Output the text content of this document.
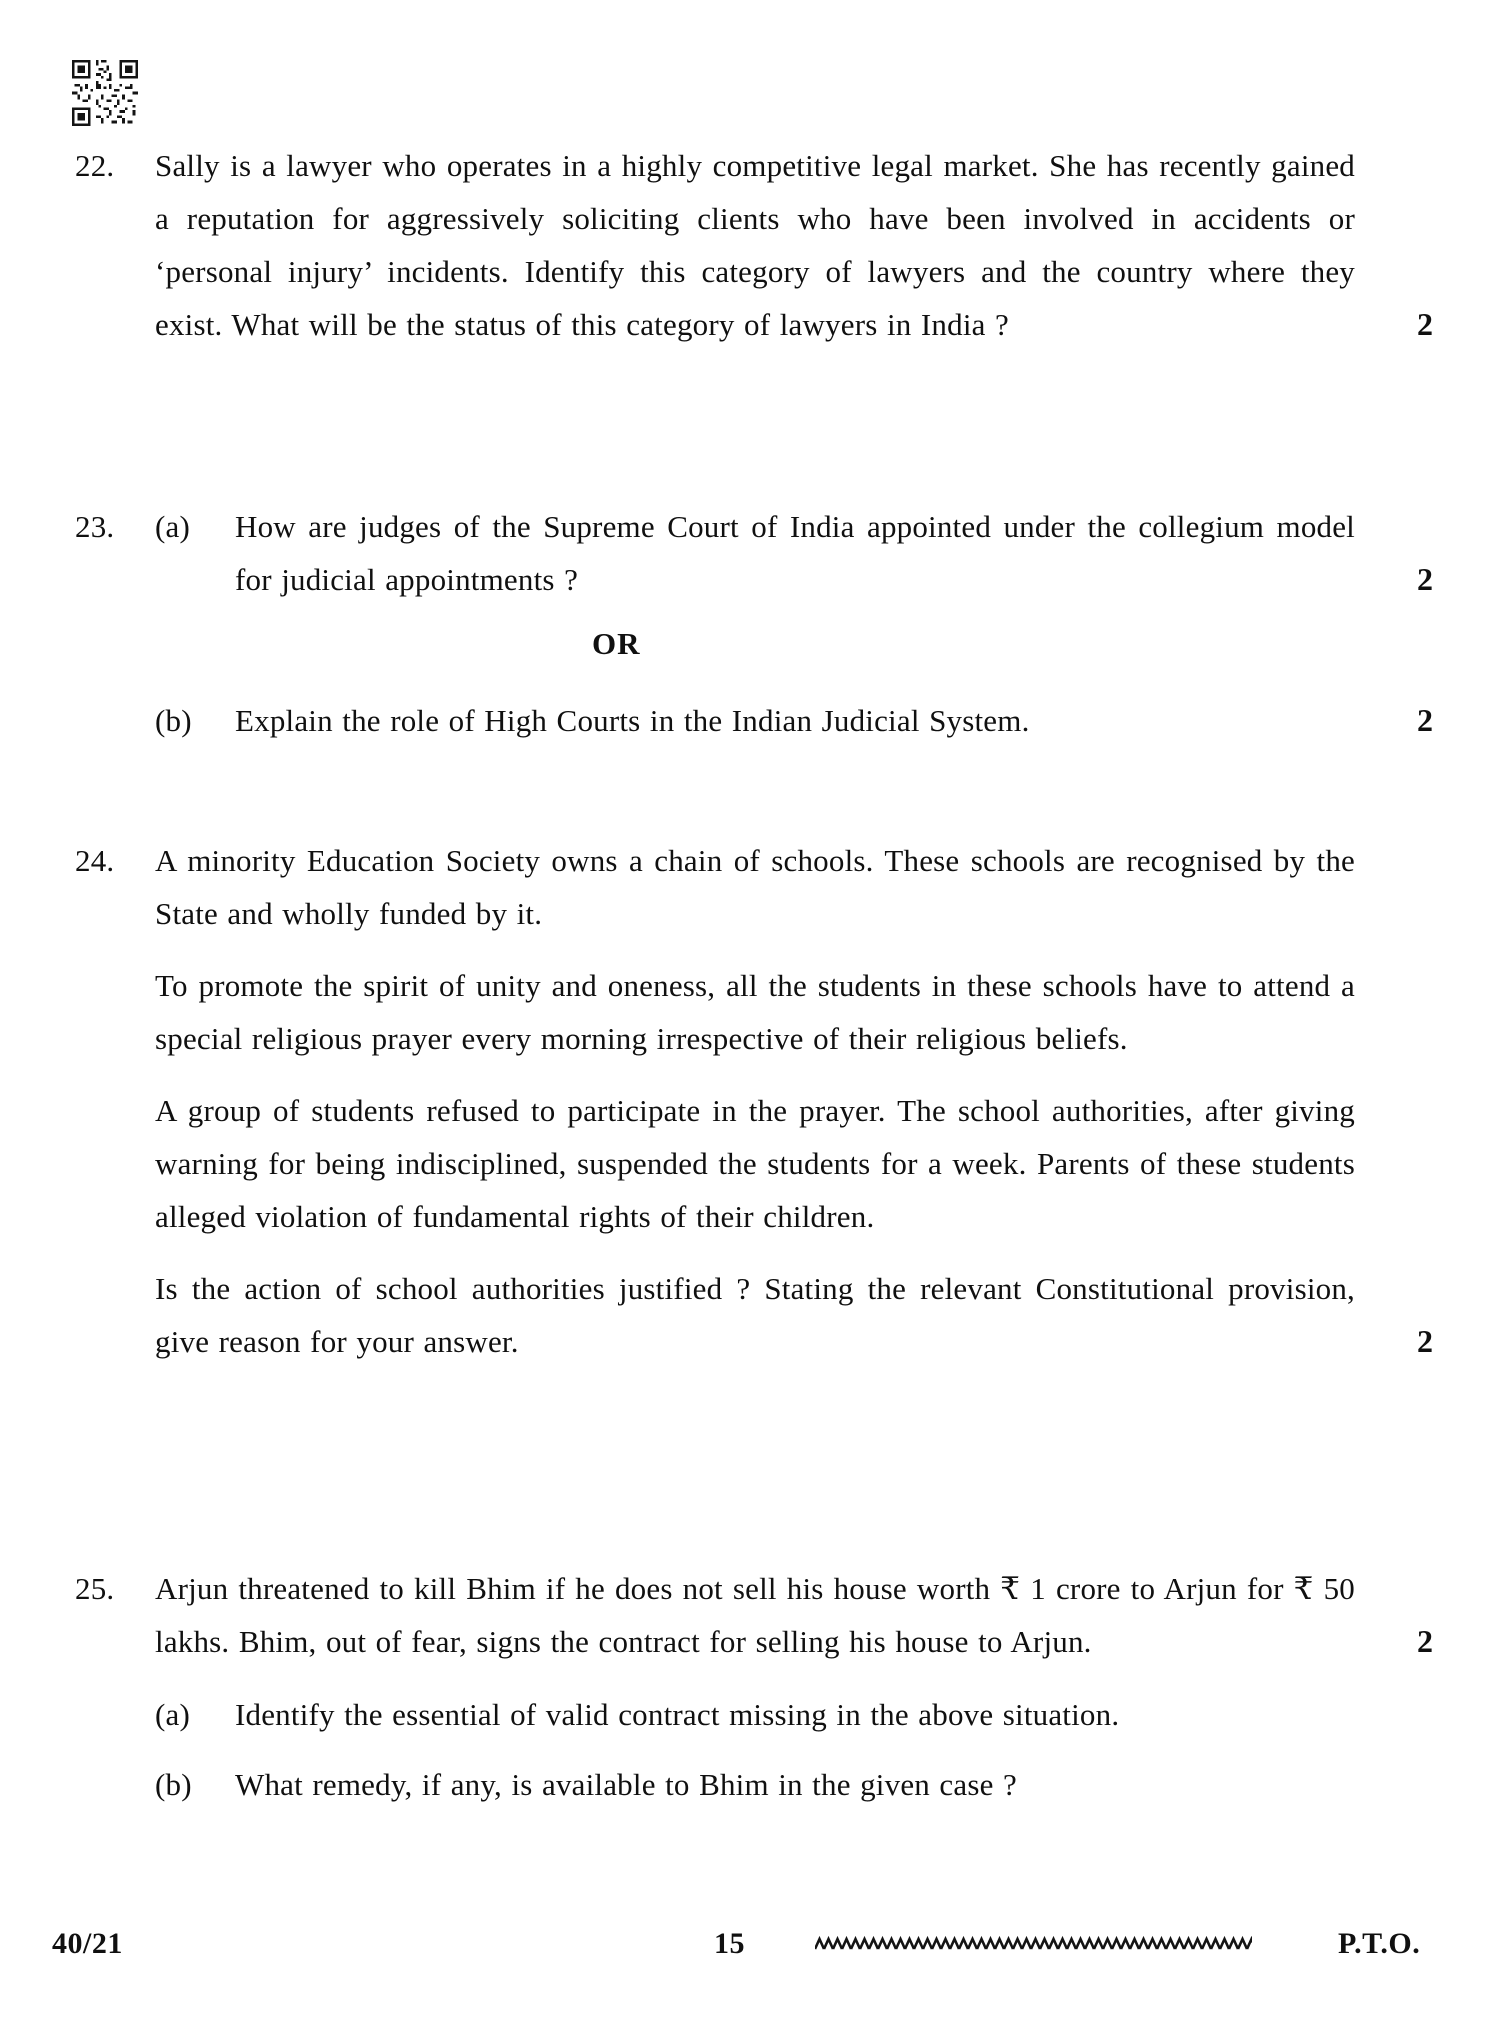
22.	Sally is a lawyer who operates in a highly competitive legal market. She has recently gained a reputation for aggressively soliciting clients who have been involved in accidents or ‘personal injury’ incidents. Identify this category of lawyers and the country where they exist. What will be the status of this category of lawyers in India ?	2
23.	(a)	How are judges of the Supreme Court of India appointed under the collegium model for judicial appointments ?	2
OR
(b)	Explain the role of High Courts in the Indian Judicial System.	2
24.	A minority Education Society owns a chain of schools. These schools are recognised by the State and wholly funded by it.

To promote the spirit of unity and oneness, all the students in these schools have to attend a special religious prayer every morning irrespective of their religious beliefs.

A group of students refused to participate in the prayer. The school authorities, after giving warning for being indisciplined, suspended the students for a week. Parents of these students alleged violation of fundamental rights of their children.

Is the action of school authorities justified ? Stating the relevant Constitutional provision, give reason for your answer.	2
25.	Arjun threatened to kill Bhim if he does not sell his house worth ₹ 1 crore to Arjun for ₹ 50 lakhs. Bhim, out of fear, signs the contract for selling his house to Arjun.	2
(a)	Identify the essential of valid contract missing in the above situation.
(b)	What remedy, if any, is available to Bhim in the given case ?
40/21	15	P.T.O.
